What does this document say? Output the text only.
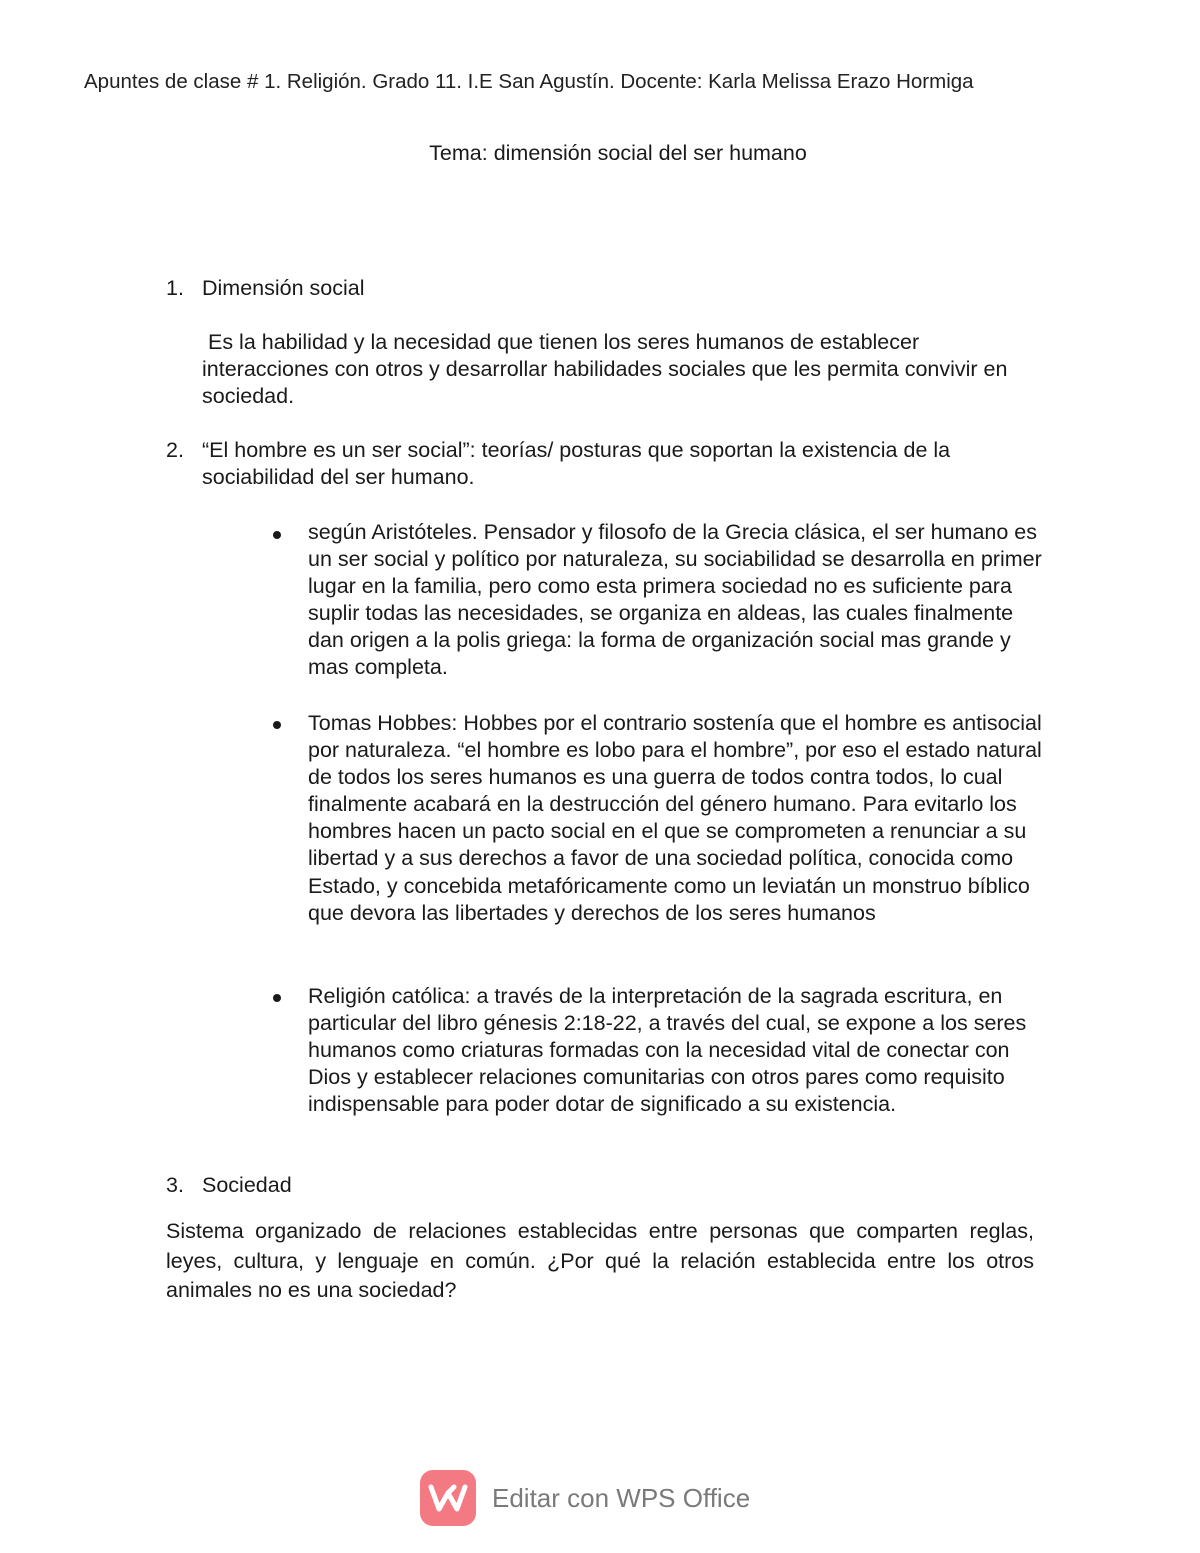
Apuntes de clase # 1. Religión. Grado 11. I.E San Agustín. Docente: Karla Melissa Erazo Hormiga
Tema: dimensión social del ser humano
1. Dimensión social
Es la habilidad y la necesidad que tienen los seres humanos de establecer interacciones con otros y desarrollar habilidades sociales que les permita convivir en sociedad.
2. “El hombre es un ser social”: teorías/ posturas que soportan la existencia de la sociabilidad del ser humano.
según Aristóteles. Pensador y filosofo de la Grecia clásica, el ser humano es un ser social y político por naturaleza, su sociabilidad se desarrolla en primer lugar en la familia, pero como esta primera sociedad no es suficiente para suplir todas las necesidades, se organiza en aldeas, las cuales finalmente dan origen a la polis griega: la forma de organización social mas grande y mas completa.
Tomas Hobbes: Hobbes por el contrario sostenía que el hombre es antisocial por naturaleza. “el hombre es lobo para el hombre”, por eso el estado natural de todos los seres humanos es una guerra de todos contra todos, lo cual finalmente acabará en la destrucción del género humano. Para evitarlo los hombres hacen un pacto social en el que se comprometen a renunciar a su libertad y a sus derechos a favor de una sociedad política, conocida como Estado, y concebida metafóricamente como un leviatán un monstruo bíblico que devora las libertades y derechos de los seres humanos
Religión católica: a través de la interpretación de la sagrada escritura, en particular del libro génesis 2:18-22, a través del cual, se expone a los seres humanos como criaturas formadas con la necesidad vital de conectar con Dios y establecer relaciones comunitarias con otros pares como requisito indispensable para poder dotar de significado a su existencia.
3. Sociedad
Sistema organizado de relaciones establecidas entre personas que comparten reglas, leyes, cultura, y lenguaje en común. ¿Por qué la relación establecida entre los otros animales no es una sociedad?
Editar con WPS Office
